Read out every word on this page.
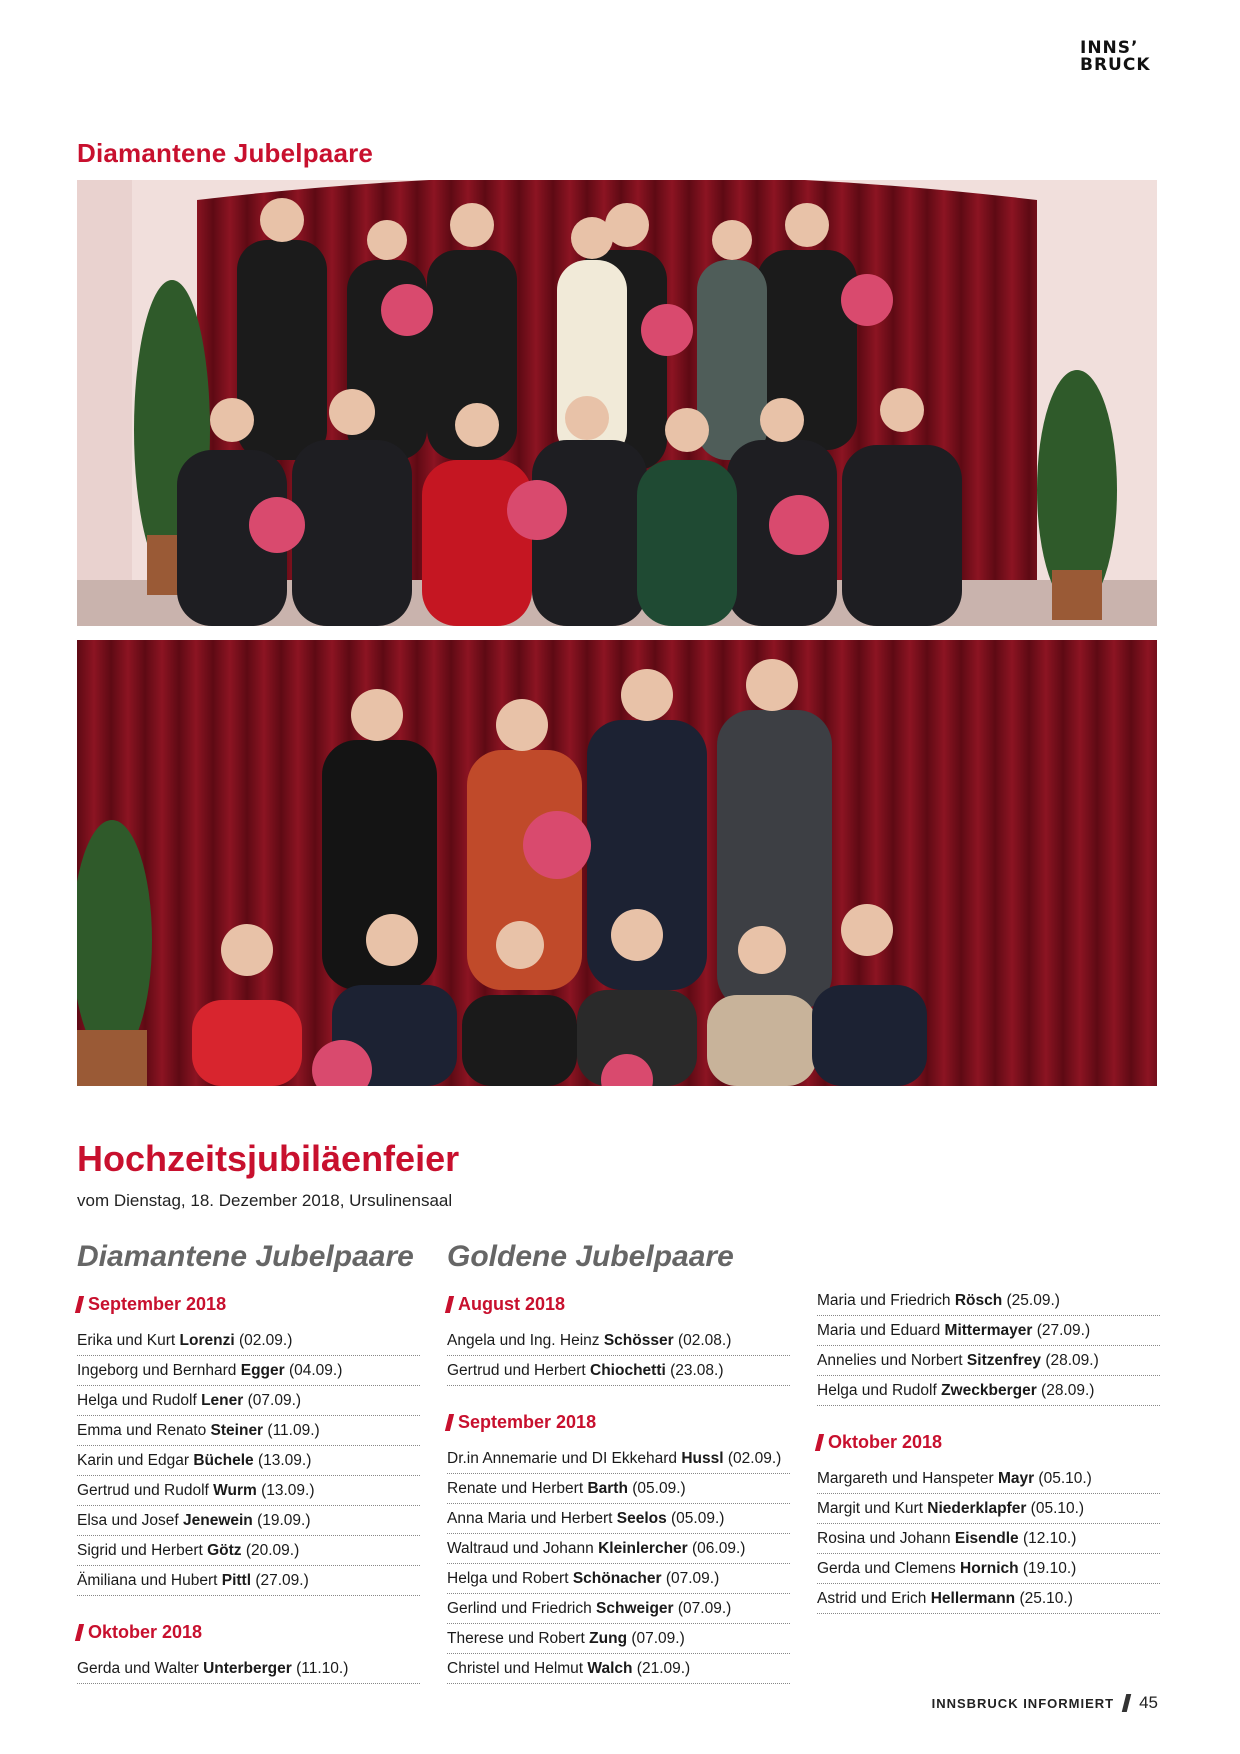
INNS’
BRUCK
Diamantene Jubelpaare
Hochzeitsjubiläenfeier
vom Dienstag, 18. Dezember 2018, Ursulinensaal
Diamantene Jubelpaare
September 2018
Erika und Kurt Lorenzi (02.09.)
Ingeborg und Bernhard Egger (04.09.)
Helga und Rudolf Lener (07.09.)
Emma und Renato Steiner (11.09.)
Karin und Edgar Büchele (13.09.)
Gertrud und Rudolf Wurm (13.09.)
Elsa und Josef Jenewein (19.09.)
Sigrid und Herbert Götz (20.09.)
Ämiliana und Hubert Pittl (27.09.)
Oktober 2018
Gerda und Walter Unterberger (11.10.)
Goldene Jubelpaare
August 2018
Angela und Ing. Heinz Schösser (02.08.)
Gertrud und Herbert Chiochetti (23.08.)
September 2018
Dr.in Annemarie und DI Ekkehard Hussl (02.09.)
Renate und Herbert Barth (05.09.)
Anna Maria und Herbert Seelos (05.09.)
Waltraud und Johann Kleinlercher (06.09.)
Helga und Robert Schönacher (07.09.)
Gerlind und Friedrich Schweiger (07.09.)
Therese und Robert Zung (07.09.)
Christel und Helmut Walch (21.09.)
Maria und Friedrich Rösch (25.09.)
Maria und Eduard Mittermayer (27.09.)
Annelies und Norbert Sitzenfrey (28.09.)
Helga und Rudolf Zweckberger (28.09.)
Oktober 2018
Margareth und Hanspeter Mayr (05.10.)
Margit und Kurt Niederklapfer (05.10.)
Rosina und Johann Eisendle (12.10.)
Gerda und Clemens Hornich (19.10.)
Astrid und Erich Hellermann (25.10.)
INNSBRUCK INFORMIERT 45
